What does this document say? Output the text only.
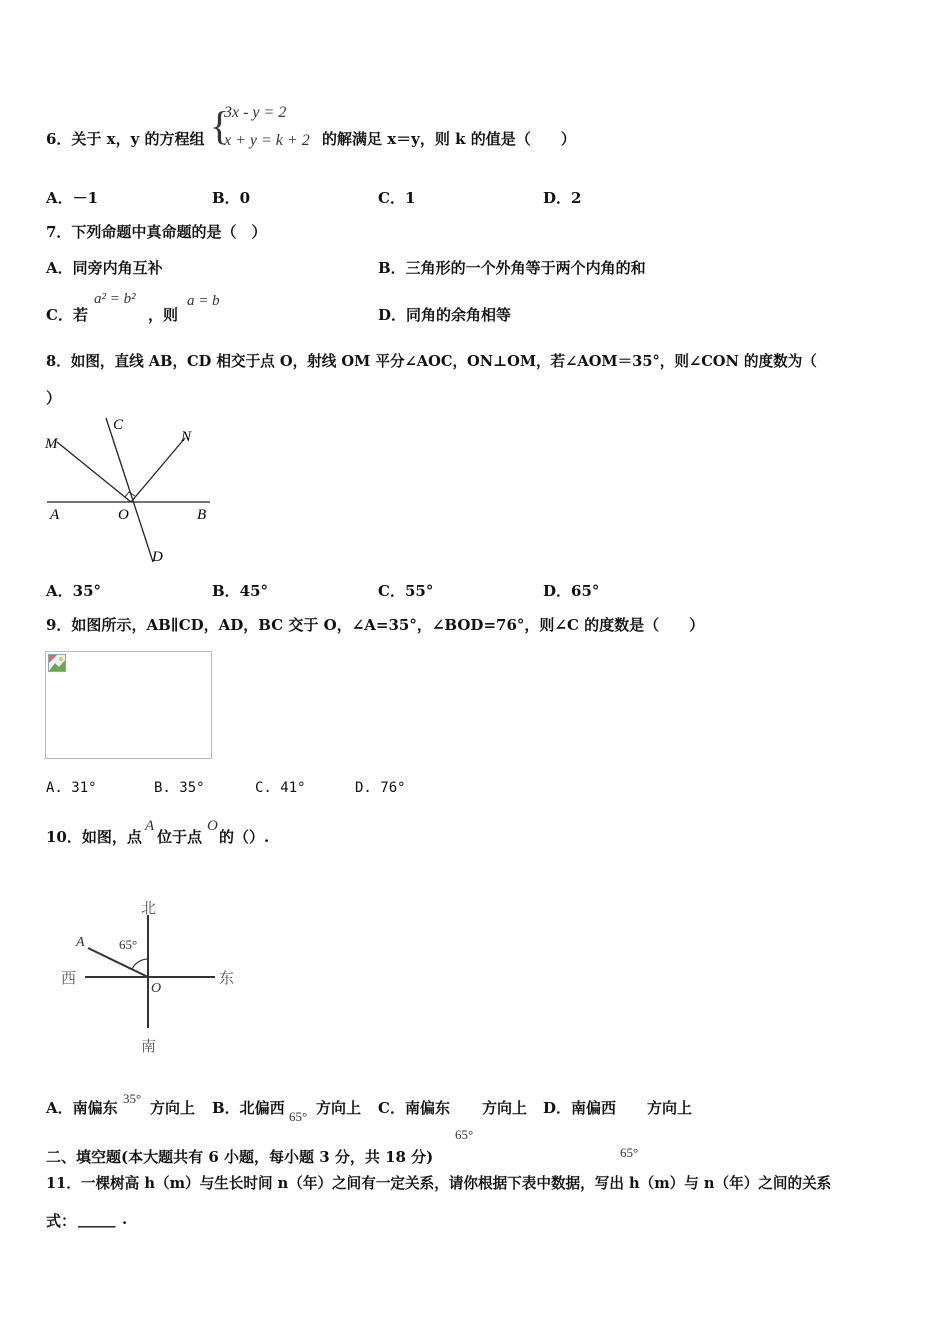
6．关于 x，y 的方程组 {
3x - y = 2
x + y = k + 2 的解满足 x＝y，则 k 的值是（　　）
A．－1	B．0	C．1	D．2
7．下列命题中真命题的是（　）
A．同旁内角互补	B．三角形的一个外角等于两个内角的和
C．若
a² = b²
，则
a = b
D．同角的余角相等
8．如图，直线 AB，CD 相交于点 O，射线 OM 平分∠AOC，ON⊥OM，若∠AOM＝35°，则∠CON 的度数为（
）
M
C
N
A	O	B
D
A．35°	B．45°	C．55°	D．65°
9．如图所示，AB∥CD，AD，BC 交于 O，∠A=35°，∠BOD=76°，则∠C 的度数是（　　）
A. 31°	B. 35°	C. 41°	D. 76°
10．如图，点
A
位于点
O
的（）.
北
南
西	东
A
O
65°
A．南偏东
35°
方向上 B．北偏西 65° 方向上 C．南偏东
65°
方向上 D．南偏西
65°
方向上
二、填空题(本大题共有 6 小题，每小题 3 分，共 18 分)
11．一棵树高 h（m）与生长时间 n（年）之间有一定关系，请你根据下表中数据，写出 h（m）与 n（年）之间的关系
式： _____ .
